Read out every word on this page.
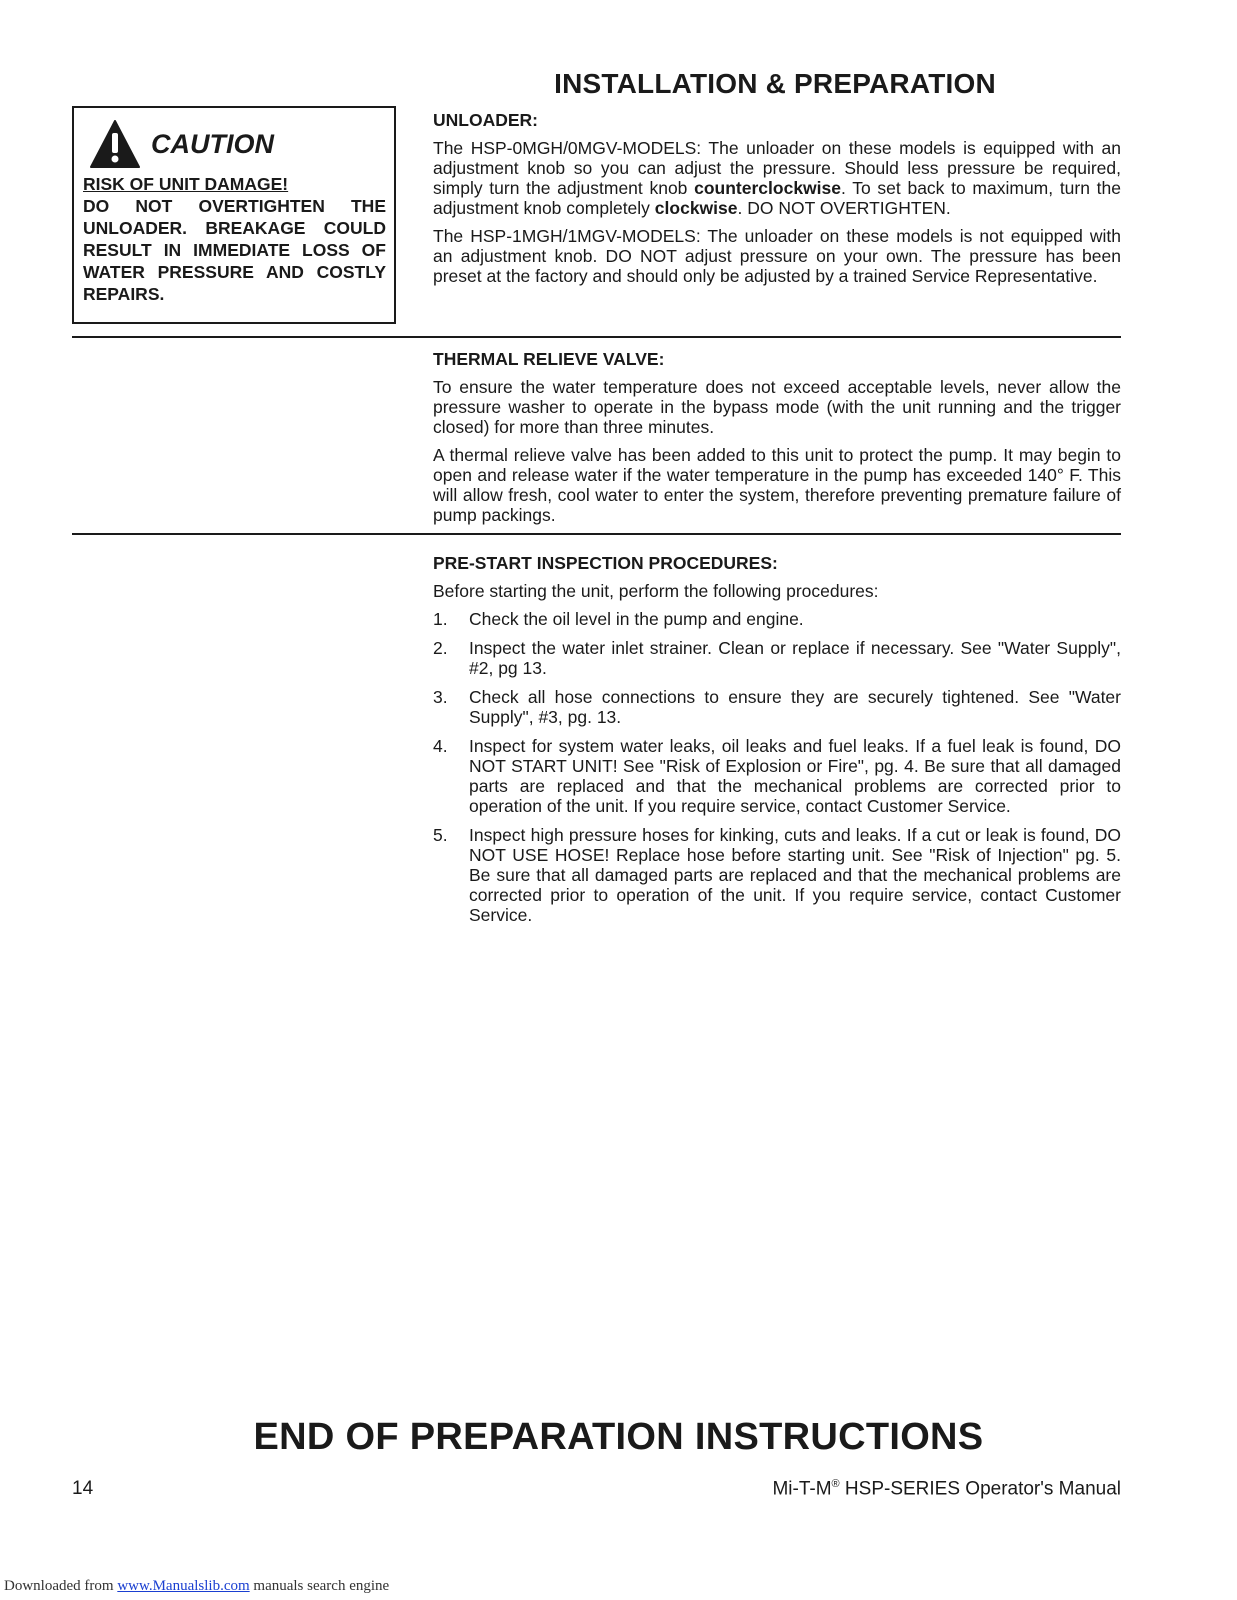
INSTALLATION & PREPARATION
CAUTION
RISK OF UNIT DAMAGE!
DO NOT OVERTIGHTEN THE UNLOADER. BREAKAGE COULD RESULT IN IMMEDIATE LOSS OF WATER PRESSURE AND COSTLY REPAIRS.
UNLOADER:

The HSP-0MGH/0MGV-MODELS: The unloader on these models is equipped with an adjustment knob so you can adjust the pressure. Should less pressure be required, simply turn the adjustment knob counterclockwise. To set back to maximum, turn the adjustment knob completely clockwise. DO NOT OVERTIGHTEN.

The HSP-1MGH/1MGV-MODELS: The unloader on these models is not equipped with an adjustment knob. DO NOT adjust pressure on your own. The pressure has been preset at the factory and should only be adjusted by a trained Service Representative.

THERMAL RELIEVE VALVE:

To ensure the water temperature does not exceed acceptable levels, never allow the pressure washer to operate in the bypass mode (with the unit running and the trigger closed) for more than three minutes.

A thermal relieve valve has been added to this unit to protect the pump. It may begin to open and release water if the water temperature in the pump has exceeded 140° F. This will allow fresh, cool water to enter the system, therefore preventing premature failure of pump packings.

PRE-START INSPECTION PROCEDURES:

Before starting the unit, perform the following procedures:

1.	Check the oil level in the pump and engine.
2.	Inspect the water inlet strainer. Clean or replace if necessary. See "Water Supply", #2, pg 13.
3.	Check all hose connections to ensure they are securely tightened. See "Water Supply", #3, pg. 13.
4.	Inspect for system water leaks, oil leaks and fuel leaks. If a fuel leak is found, DO NOT START UNIT! See "Risk of Explosion or Fire", pg. 4. Be sure that all damaged parts are replaced and that the mechanical problems are corrected prior to operation of the unit. If you require service, contact Customer Service.
5.	Inspect high pressure hoses for kinking, cuts and leaks. If a cut or leak is found, DO NOT USE HOSE! Replace hose before starting unit. See "Risk of Injection" pg. 5. Be sure that all damaged parts are replaced and that the mechanical problems are corrected prior to operation of the unit. If you require service, contact Customer Service.
END OF PREPARATION INSTRUCTIONS
14	Mi-T-M® HSP-SERIES Operator's Manual
Downloaded from www.Manualslib.com manuals search engine
